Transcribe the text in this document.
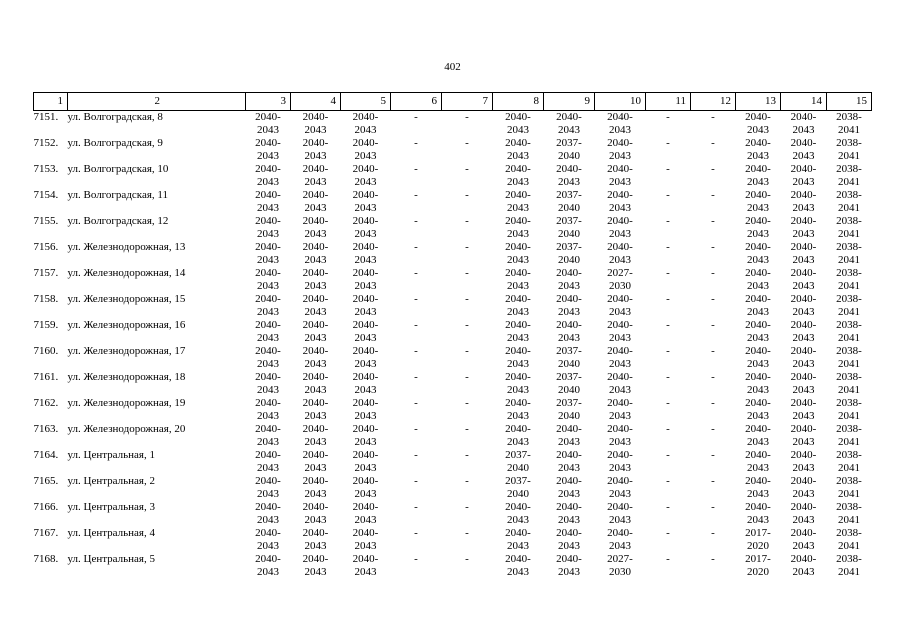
402
1	2	3	4	5	6	7	8	9	10	11	12	13	14	15
7151.	ул. Волгоградская, 8	2040-
2043	2040-
2043	2040-
2043	-	-	2040-
2043	2040-
2043	2040-
2043	-	-	2040-
2043	2040-
2043	2038-
2041
7152.	ул. Волгоградская, 9	2040-
2043	2040-
2043	2040-
2043	-	-	2040-
2043	2037-
2040	2040-
2043	-	-	2040-
2043	2040-
2043	2038-
2041
7153.	ул. Волгоградская, 10	2040-
2043	2040-
2043	2040-
2043	-	-	2040-
2043	2040-
2043	2040-
2043	-	-	2040-
2043	2040-
2043	2038-
2041
7154.	ул. Волгоградская, 11	2040-
2043	2040-
2043	2040-
2043	-	-	2040-
2043	2037-
2040	2040-
2043	-	-	2040-
2043	2040-
2043	2038-
2041
7155.	ул. Волгоградская, 12	2040-
2043	2040-
2043	2040-
2043	-	-	2040-
2043	2037-
2040	2040-
2043	-	-	2040-
2043	2040-
2043	2038-
2041
7156.	ул. Железнодорожная, 13	2040-
2043	2040-
2043	2040-
2043	-	-	2040-
2043	2037-
2040	2040-
2043	-	-	2040-
2043	2040-
2043	2038-
2041
7157.	ул. Железнодорожная, 14	2040-
2043	2040-
2043	2040-
2043	-	-	2040-
2043	2040-
2043	2027-
2030	-	-	2040-
2043	2040-
2043	2038-
2041
7158.	ул. Железнодорожная, 15	2040-
2043	2040-
2043	2040-
2043	-	-	2040-
2043	2040-
2043	2040-
2043	-	-	2040-
2043	2040-
2043	2038-
2041
7159.	ул. Железнодорожная, 16	2040-
2043	2040-
2043	2040-
2043	-	-	2040-
2043	2040-
2043	2040-
2043	-	-	2040-
2043	2040-
2043	2038-
2041
7160.	ул. Железнодорожная, 17	2040-
2043	2040-
2043	2040-
2043	-	-	2040-
2043	2037-
2040	2040-
2043	-	-	2040-
2043	2040-
2043	2038-
2041
7161.	ул. Железнодорожная, 18	2040-
2043	2040-
2043	2040-
2043	-	-	2040-
2043	2037-
2040	2040-
2043	-	-	2040-
2043	2040-
2043	2038-
2041
7162.	ул. Железнодорожная, 19	2040-
2043	2040-
2043	2040-
2043	-	-	2040-
2043	2037-
2040	2040-
2043	-	-	2040-
2043	2040-
2043	2038-
2041
7163.	ул. Железнодорожная, 20	2040-
2043	2040-
2043	2040-
2043	-	-	2040-
2043	2040-
2043	2040-
2043	-	-	2040-
2043	2040-
2043	2038-
2041
7164.	ул. Центральная, 1	2040-
2043	2040-
2043	2040-
2043	-	-	2037-
2040	2040-
2043	2040-
2043	-	-	2040-
2043	2040-
2043	2038-
2041
7165.	ул. Центральная, 2	2040-
2043	2040-
2043	2040-
2043	-	-	2037-
2040	2040-
2043	2040-
2043	-	-	2040-
2043	2040-
2043	2038-
2041
7166.	ул. Центральная, 3	2040-
2043	2040-
2043	2040-
2043	-	-	2040-
2043	2040-
2043	2040-
2043	-	-	2040-
2043	2040-
2043	2038-
2041
7167.	ул. Центральная, 4	2040-
2043	2040-
2043	2040-
2043	-	-	2040-
2043	2040-
2043	2040-
2043	-	-	2017-
2020	2040-
2043	2038-
2041
7168.	ул. Центральная, 5	2040-
2043	2040-
2043	2040-
2043	-	-	2040-
2043	2040-
2043	2027-
2030	-	-	2017-
2020	2040-
2043	2038-
2041
